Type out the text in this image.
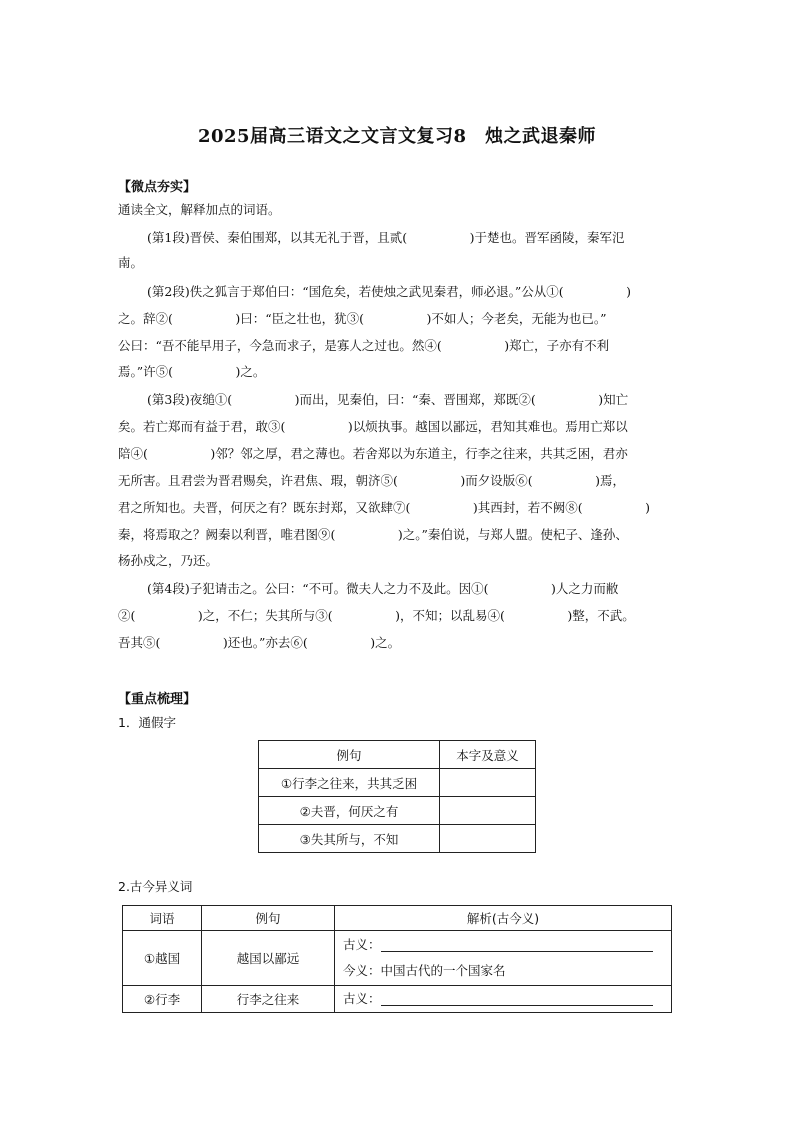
2025届高三语文之文言文复习8　烛之武退秦师
【微点夯实】
通读全文，解释加点的词语。
(第1段)晋侯、秦伯围郑，以其无礼于晋，且贰(　　　　　)于楚也。晋军函陵，秦军氾
南。
(第2段)佚之狐言于郑伯曰：“国危矣，若使烛之武见秦君，师必退。”公从①(　　　　　)
之。辞②(　　　　　)曰：“臣之壮也，犹③(　　　　　)不如人；今老矣，无能为也已。”
公曰：“吾不能早用子，今急而求子，是寡人之过也。然④(　　　　　)郑亡，子亦有不利
焉。”许⑤(　　　　　)之。
(第3段)夜缒①(　　　　　)而出，见秦伯，曰：“秦、晋围郑，郑既②(　　　　　)知亡
矣。若亡郑而有益于君，敢③(　　　　　)以烦执事。越国以鄙远，君知其难也。焉用亡郑以
陪④(　　　　　)邻？邻之厚，君之薄也。若舍郑以为东道主，行李之往来，共其乏困，君亦
无所害。且君尝为晋君赐矣，许君焦、瑕，朝济⑤(　　　　　)而夕设版⑥(　　　　　)焉，
君之所知也。夫晋，何厌之有？既东封郑，又欲肆⑦(　　　　　)其西封，若不阙⑧(　　　　　)
秦，将焉取之？阙秦以利晋，唯君图⑨(　　　　　)之。”秦伯说，与郑人盟。使杞子、逢孙、
杨孙戍之，乃还。
(第4段)子犯请击之。公曰：“不可。微夫人之力不及此。因①(　　　　　)人之力而敝
②(　　　　　)之，不仁；失其所与③(　　　　　)，不知；以乱易④(　　　　　)整，不武。
吾其⑤(　　　　　)还也。”亦去⑥(　　　　　)之。
【重点梳理】
1．通假字
例句	本字及意义
①行李之往来，共其乏困	
②夫晋，何厌之有	
③失其所与，不知	
2.古今异义词
词语	例句	解析(古今义)
①越国	越国以鄙远	古义：
今义：中国古代的一个国家名

②行李	行李之往来	古义：
